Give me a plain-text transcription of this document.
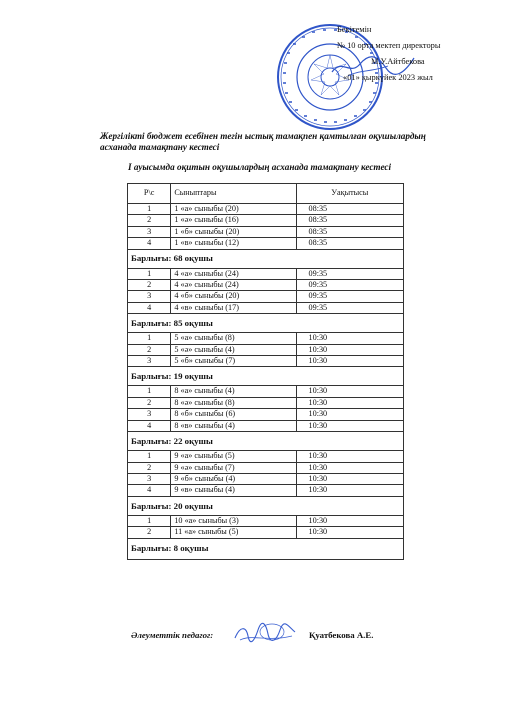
Бекітемін
№ 10 орта мектеп директоры
М.У.Айтбекова
«01» қыркүйек 2023 жыл
Жергілікті бюджет есебінен тегін ыстық тамақпен қамтылған оқушылардың асханада тамақтану кестесі
I ауысымда оқитын оқушылардың асханада тамақтану кестесі
Р\с	Сыныптары	Уақытысы
1	1 «а» сыныбы (20)	08:35
2	1 «ә» сыныбы (16)	08:35
3	1 «б» сыныбы (20)	08:35
4	1 «в» сыныбы (12)	08:35
Барлығы: 68 оқушы		
1	4 «а» сыныбы (24)	09:35
2	4 «ә» сыныбы (24)	09:35
3	4 «б» сыныбы (20)	09:35
4	4 «в» сыныбы (17)	09:35
Барлығы: 85 оқушы		
1	5 «а» сыныбы (8)	10:30
2	5 «ә» сыныбы (4)	10:30
3	5 «б» сыныбы (7)	10:30
Барлығы: 19 оқушы		
1	8 «а» сыныбы (4)	10:30
2	8 «ә» сыныбы (8)	10:30
3	8 «б» сыныбы (6)	10:30
4	8 «в» сыныбы (4)	10:30
Барлығы: 22 оқушы		
1	9 «а» сыныбы (5)	10:30
2	9 «ә» сыныбы (7)	10:30
3	9 «б» сыныбы (4)	10:30
4	9 «в» сыныбы (4)	10:30
Барлығы: 20 оқушы		
1	10 «а» сыныбы (3)	10:30
2	11 «а» сыныбы (5)	10:30
Барлығы: 8 оқушы		
Әлеуметтік педагог:	Қуатбекова А.Е.
